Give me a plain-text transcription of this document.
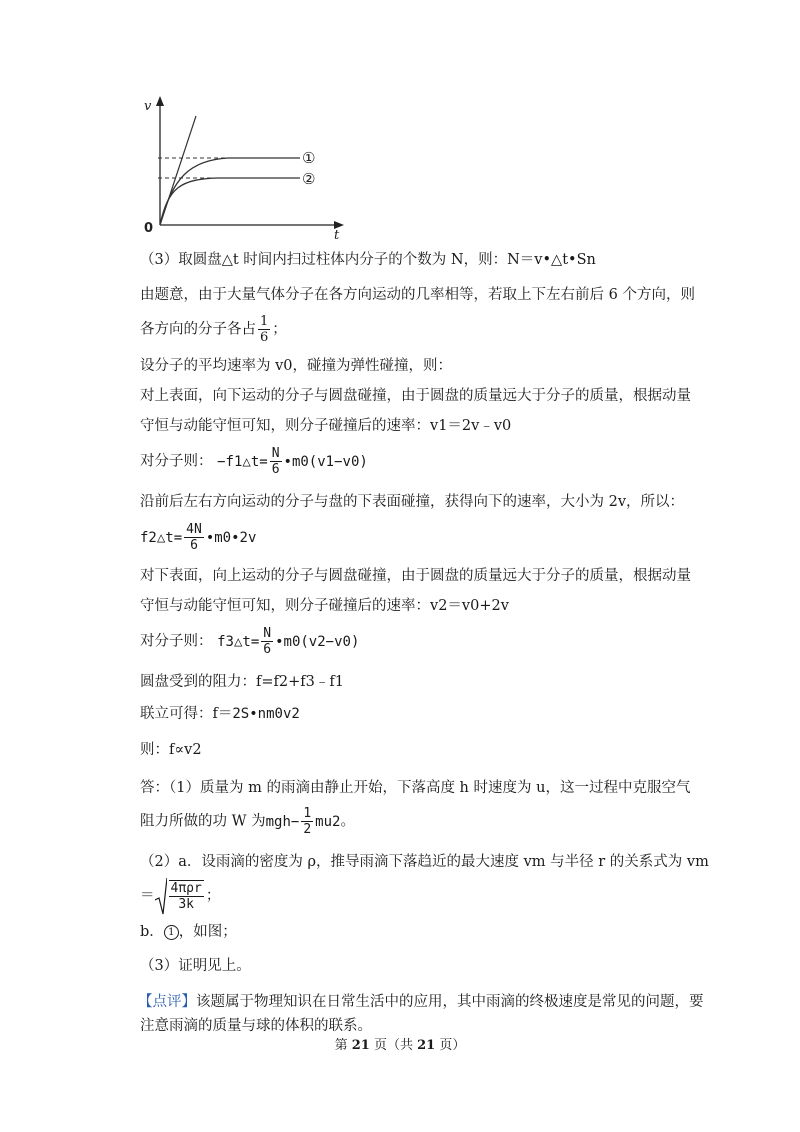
v
t
0
①
②
（3）取圆盘△t 时间内扫过柱体内分子的个数为 N，则：N＝v•△t•Sn
由题意，由于大量气体分子在各方向运动的几率相等，若取上下左右前后 6 个方向，则
各方向的分子各占 $\frac{1}{6}$ ；
设分子的平均速率为 v0，碰撞为弹性碰撞，则：
对上表面，向下运动的分子与圆盘碰撞，由于圆盘的质量远大于分子的质量，根据动量
守恒与动能守恒可知，则分子碰撞后的速率：v1＝2v﹣v0
对分子则： −f1△t= $\frac{N}{6}$ •m0(v1−v0)
沿前后左右方向运动的分子与盘的下表面碰撞，获得向下的速率，大小为 2v，所以：
f2△t= $\frac{4N}{6}$ •m0•2v
对下表面，向上运动的分子与圆盘碰撞，由于圆盘的质量远大于分子的质量，根据动量
守恒与动能守恒可知，则分子碰撞后的速率：v2＝v0+2v
对分子则： f3△t= $\frac{N}{6}$ •m0(v2−v0)
圆盘受到的阻力：f=f2+f3﹣f1
联立可得：f＝2S•nm0v2
则：f∝v2
答：（1）质量为 m 的雨滴由静止开始，下落高度 h 时速度为 u，这一过程中克服空气
阻力所做的功 W 为$mgh- \frac{1}{2} mu2$。
（2）a．设雨滴的密度为 ρ，推导雨滴下落趋近的最大速度 vm 与半径 r 的关系式为 vm
＝ $\frac{\text{4πρr}}{3k}$ ；
b． 1 ，如图；
（3）证明见上。
【点评】该题属于物理知识在日常生活中的应用，其中雨滴的终极速度是常见的问题，要
注意雨滴的质量与球的体积的联系。
第 21 页（共 21 页）
